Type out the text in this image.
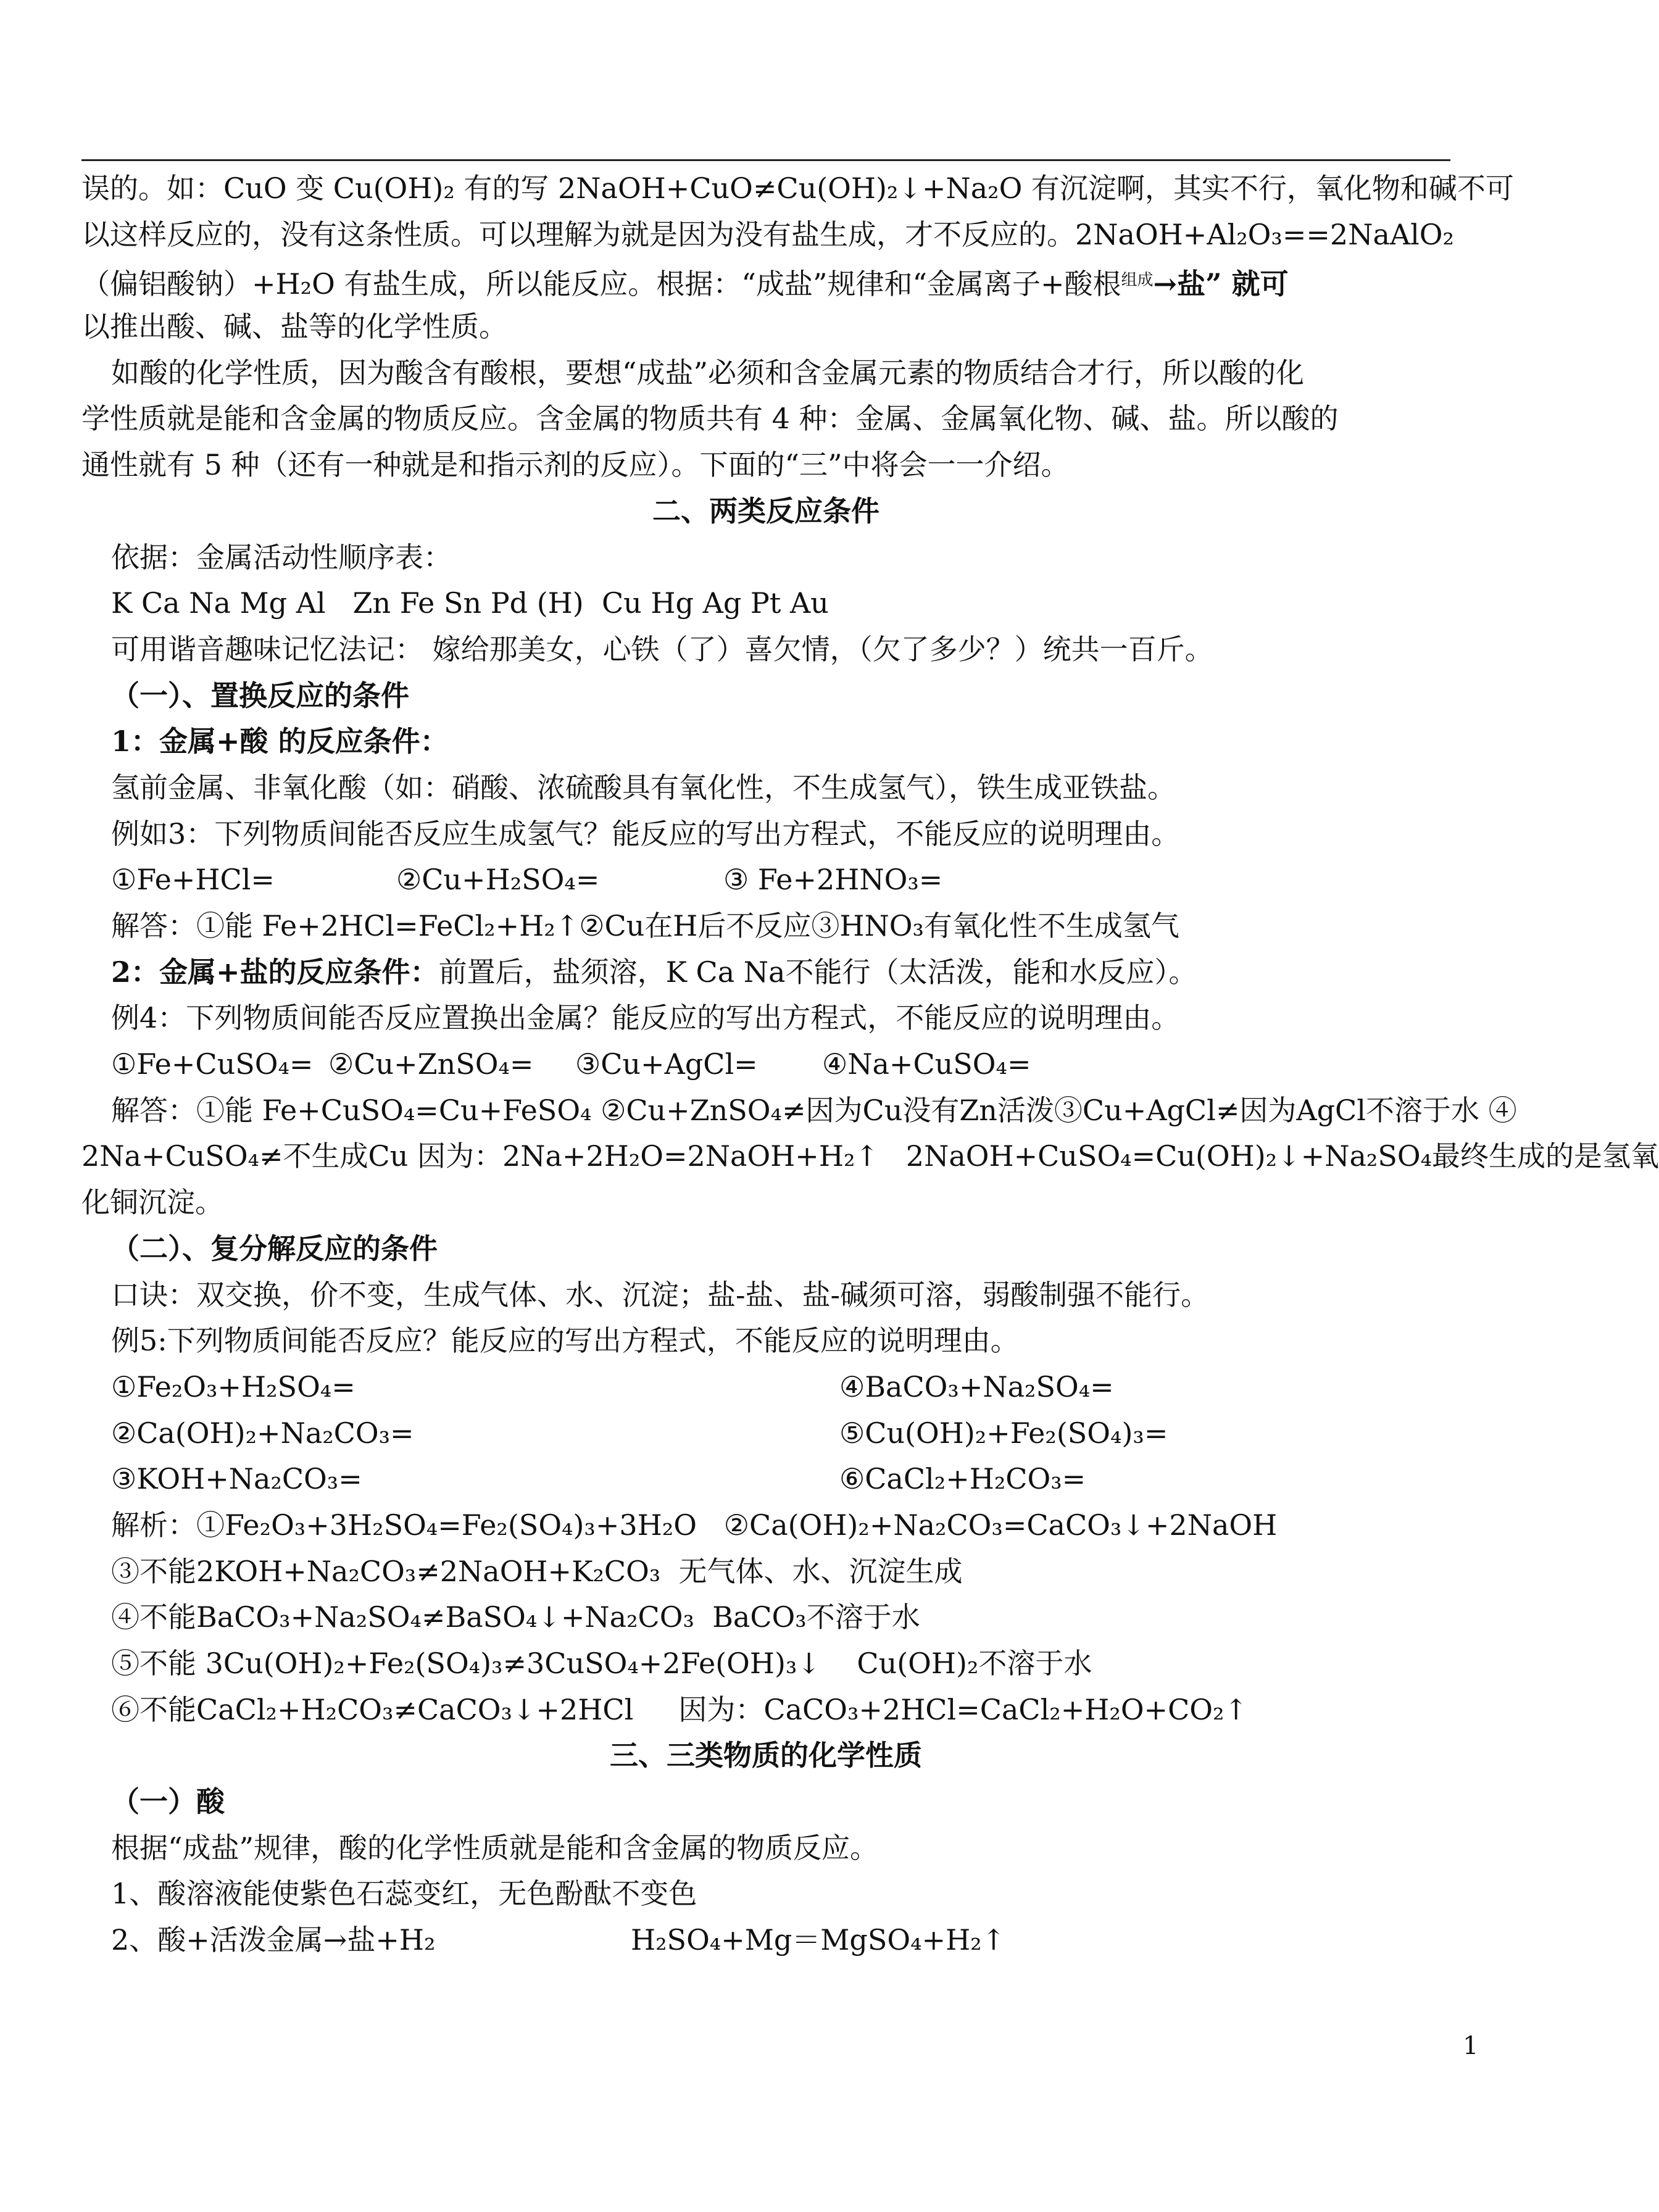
误的。如：CuO 变 Cu(OH)₂ 有的写 2NaOH+CuO≠Cu(OH)₂↓+Na₂O 有沉淀啊，其实不行，氧化物和碱不可
以这样反应的，没有这条性质。可以理解为就是因为没有盐生成，才不反应的。2NaOH+Al₂O₃==2NaAlO₂
（偏铝酸钠）+H₂O 有盐生成，所以能反应。根据：“成盐”规律和“金属离子+酸根$^{组成}$→盐” 就可
以推出酸、碱、盐等的化学性质。
如酸的化学性质，因为酸含有酸根，要想“成盐”必须和含金属元素的物质结合才行，所以酸的化
学性质就是能和含金属的物质反应。含金属的物质共有 4 种：金属、金属氧化物、碱、盐。所以酸的
通性就有 5 种（还有一种就是和指示剂的反应）。下面的“三”中将会一一介绍。
二、两类反应条件
依据：金属活动性顺序表：
K Ca Na Mg Al   Zn Fe Sn Pd (H)  Cu Hg Ag Pt Au
可用谐音趣味记忆法记： 嫁给那美女，心铁（了）喜欠情，（欠了多少？）统共一百斤。
（一）、置换反应的条件
1：金属+酸 的反应条件：
氢前金属、非氧化酸（如：硝酸、浓硫酸具有氧化性，不生成氢气），铁生成亚铁盐。
例如3：下列物质间能否反应生成氢气？能反应的写出方程式，不能反应的说明理由。
①Fe+HCl=	②Cu+H₂SO₄=	③ Fe+2HNO₃=
解答：①能 Fe+2HCl=FeCl₂+H₂↑②Cu在H后不反应③HNO₃有氧化性不生成氢气
2：金属+盐的反应条件：前置后，盐须溶，K Ca Na不能行（太活泼，能和水反应）。
例4：下列物质间能否反应置换出金属？能反应的写出方程式，不能反应的说明理由。
①Fe+CuSO₄= ②Cu+ZnSO₄= ③Cu+AgCl= ④Na+CuSO₄=
解答：①能 Fe+CuSO₄=Cu+FeSO₄ ②Cu+ZnSO₄≠因为Cu没有Zn活泼③Cu+AgCl≠因为AgCl不溶于水 ④
2Na+CuSO₄≠不生成Cu 因为：2Na+2H₂O=2NaOH+H₂↑   2NaOH+CuSO₄=Cu(OH)₂↓+Na₂SO₄最终生成的是氢氧
化铜沉淀。
（二）、复分解反应的条件
口诀：双交换，价不变，生成气体、水、沉淀；盐-盐、盐-碱须可溶，弱酸制强不能行。
例5:下列物质间能否反应？能反应的写出方程式，不能反应的说明理由。
①Fe₂O₃+H₂SO₄=	④BaCO₃+Na₂SO₄=
②Ca(OH)₂+Na₂CO₃=	⑤Cu(OH)₂+Fe₂(SO₄)₃=
③KOH+Na₂CO₃=	⑥CaCl₂+H₂CO₃=
解析：①Fe₂O₃+3H₂SO₄=Fe₂(SO₄)₃+3H₂O   ②Ca(OH)₂+Na₂CO₃=CaCO₃↓+2NaOH
③不能2KOH+Na₂CO₃≠2NaOH+K₂CO₃  无气体、水、沉淀生成
④不能BaCO₃+Na₂SO₄≠BaSO₄↓+Na₂CO₃  BaCO₃不溶于水
⑤不能 3Cu(OH)₂+Fe₂(SO₄)₃≠3CuSO₄+2Fe(OH)₃↓    Cu(OH)₂不溶于水
⑥不能CaCl₂+H₂CO₃≠CaCO₃↓+2HCl     因为：CaCO₃+2HCl=CaCl₂+H₂O+CO₂↑
三、三类物质的化学性质
（一）酸
根据“成盐”规律，酸的化学性质就是能和含金属的物质反应。
1、酸溶液能使紫色石蕊变红，无色酚酞不变色
2、酸+活泼金属→盐+H₂	H₂SO₄+Mg＝MgSO₄+H₂↑
1
